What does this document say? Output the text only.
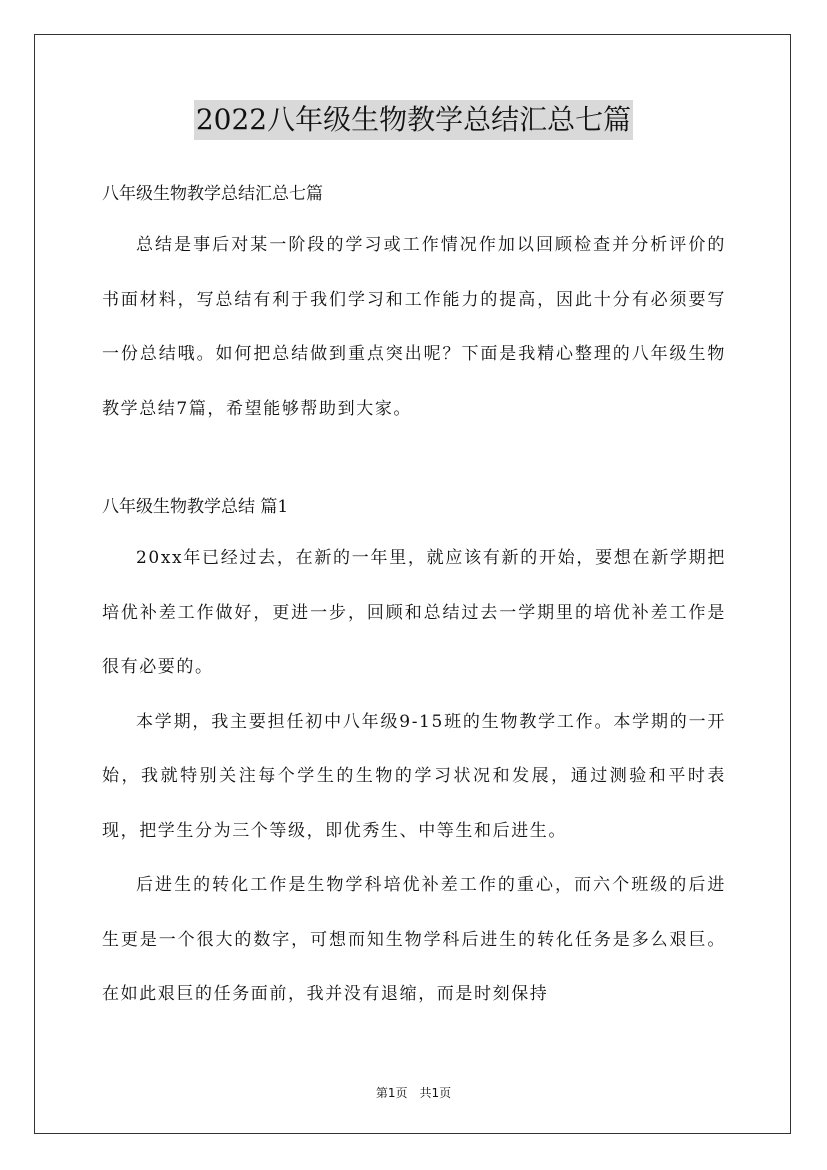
2022八年级生物教学总结汇总七篇

八年级生物教学总结汇总七篇

总结是事后对某一阶段的学习或工作情况作加以回顾检查并分析评价的书面材料，写总结有利于我们学习和工作能力的提高，因此十分有必须要写一份总结哦。如何把总结做到重点突出呢？下面是我精心整理的八年级生物教学总结7篇，希望能够帮助到大家。

八年级生物教学总结 篇1

20xx年已经过去，在新的一年里，就应该有新的开始，要想在新学期把培优补差工作做好，更进一步，回顾和总结过去一学期里的培优补差工作是很有必要的。

本学期，我主要担任初中八年级9-15班的生物教学工作。本学期的一开始，我就特别关注每个学生的生物的学习状况和发展，通过测验和平时表现，把学生分为三个等级，即优秀生、中等生和后进生。

后进生的转化工作是生物学科培优补差工作的重心，而六个班级的后进生更是一个很大的数字，可想而知生物学科后进生的转化任务是多么艰巨。在如此艰巨的任务面前，我并没有退缩，而是时刻保持

第1页 共1页
